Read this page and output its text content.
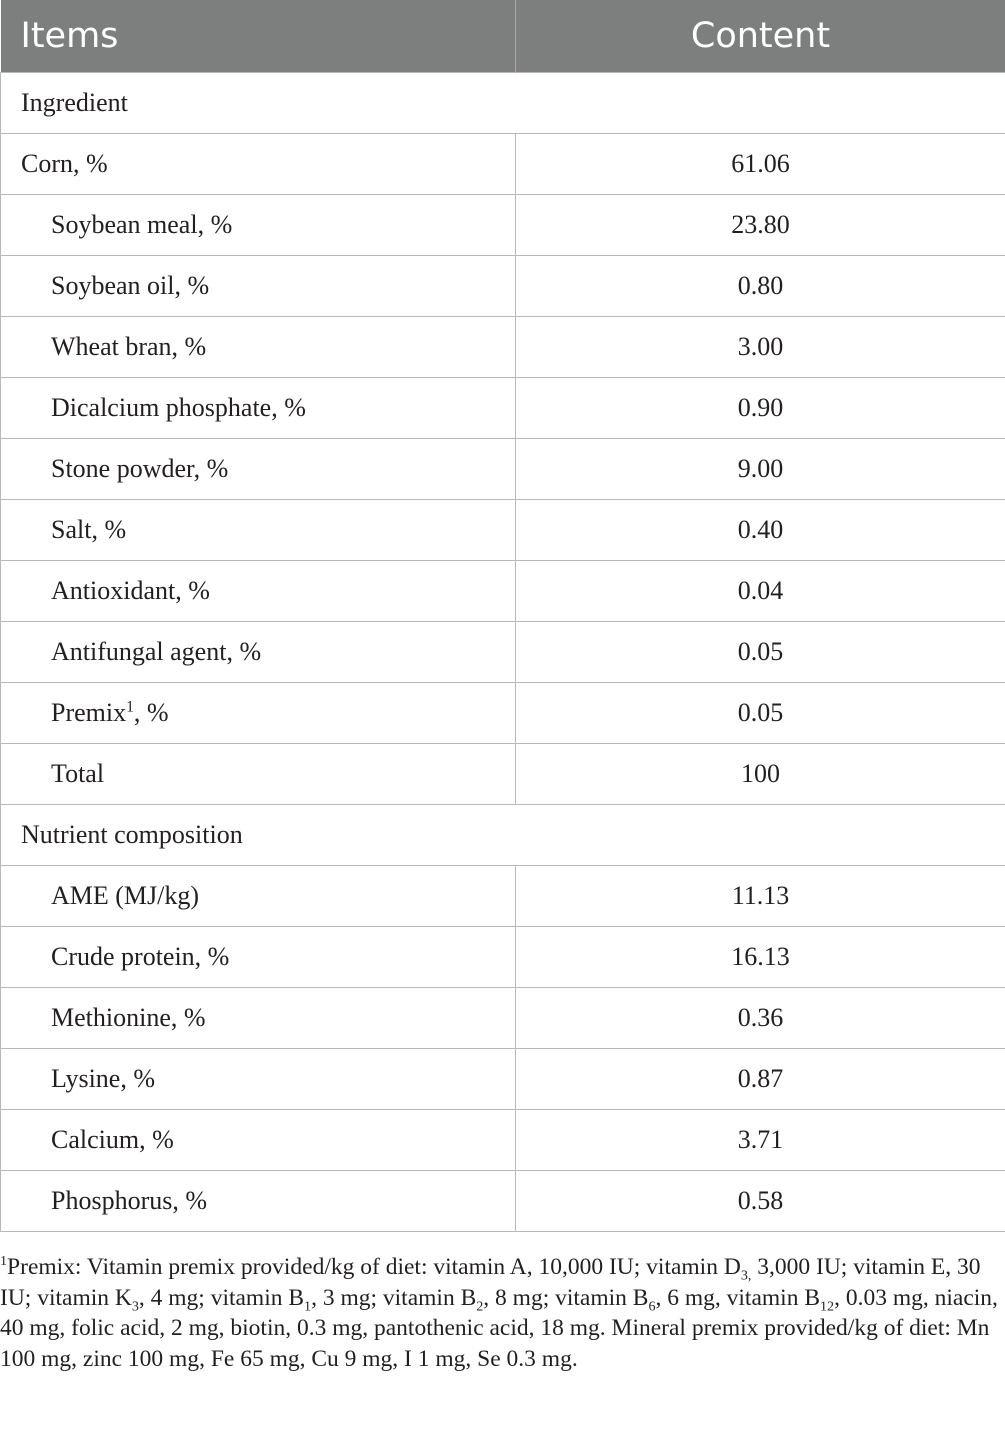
Items	Content
Ingredient	
Corn, %	61.06
Soybean meal, %	23.80
Soybean oil, %	0.80
Wheat bran, %	3.00
Dicalcium phosphate, %	0.90
Stone powder, %	9.00
Salt, %	0.40
Antioxidant, %	0.04
Antifungal agent, %	0.05
Premix$^1$, %	0.05
Total	100
Nutrient composition	
AME (MJ/kg)	11.13
Crude protein, %	16.13
Methionine, %	0.36
Lysine, %	0.87
Calcium, %	3.71
Phosphorus, %	0.58
$^1$Premix: Vitamin premix provided/kg of diet: vitamin A, 10,000 IU; vitamin $D_{3,}$ 3,000 IU; vitamin E, 30 IU; vitamin $K_3$, 4 mg; vitamin $B_1$, 3 mg; vitamin $B_2$, 8 mg; vitamin $B_6$, 6 mg, vitamin $B_{12}$, 0.03 mg, niacin, 40 mg, folic acid, 2 mg, biotin, 0.3 mg, pantothenic acid, 18 mg. Mineral premix provided/kg of diet: Mn 100 mg, zinc 100 mg, Fe 65 mg, Cu 9 mg, I 1 mg, Se 0.3 mg.
